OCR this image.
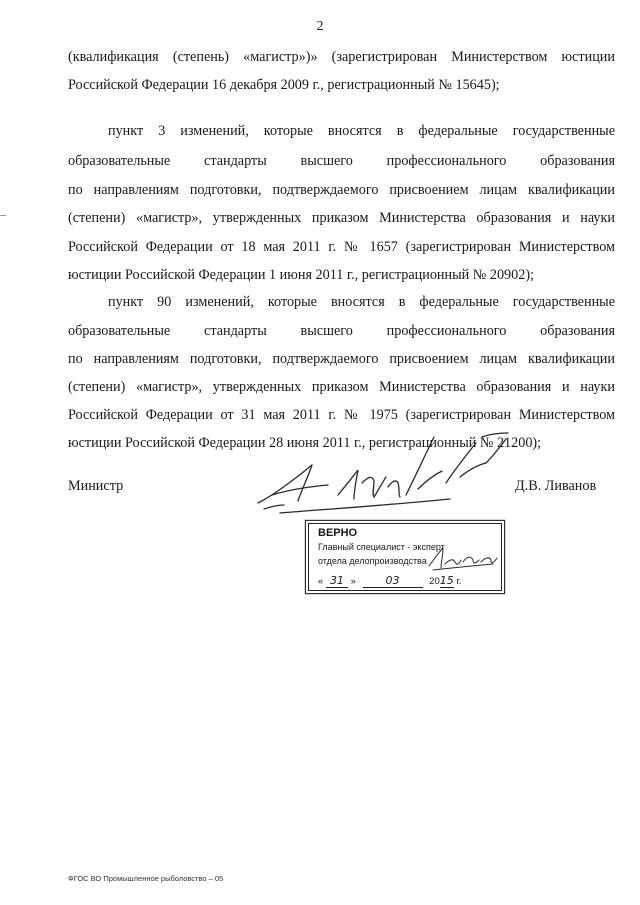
2
(квалификация (степень) «магистр»)» (зарегистрирован Министерством юстиции
Российской Федерации 16 декабря 2009 г., регистрационный № 15645);
пункт 3 изменений, которые вносятся в федеральные государственные
образовательные стандарты высшего профессионального образования
по направлениям подготовки, подтверждаемого присвоением лицам квалификации
(степени) «магистр», утвержденных приказом Министерства образования и науки
Российской Федерации от 18 мая 2011 г. № 1657 (зарегистрирован Министерством
юстиции Российской Федерации 1 июня 2011 г., регистрационный № 20902);
пункт 90 изменений, которые вносятся в федеральные государственные
образовательные стандарты высшего профессионального образования
по направлениям подготовки, подтверждаемого присвоением лицам квалификации
(степени) «магистр», утвержденных приказом Министерства образования и науки
Российской Федерации от 31 мая 2011 г. № 1975 (зарегистрирован Министерством
юстиции Российской Федерации 28 июня 2011 г., регистрационный № 21200);
Министр	Д.В. Ливанов
ВЕРНО
Главный специалист - эксперт
отдела делопроизводства
« 31 »	03	2015 г.
ФГОС ВО Промышленное рыболовство – 05
